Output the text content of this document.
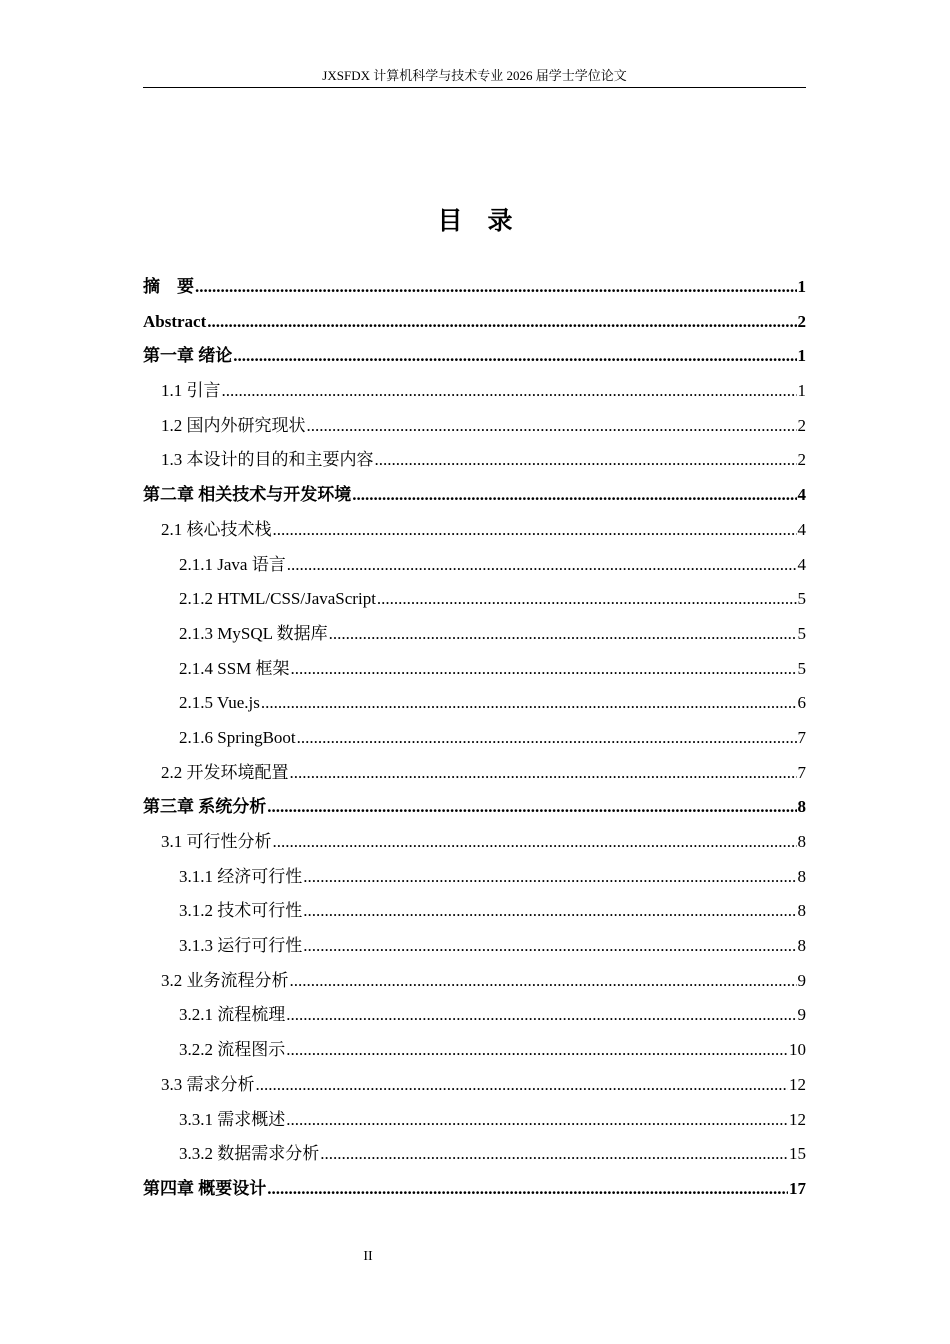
JXSFDX 计算机科学与技术专业 2026 届学士学位论文
目　录
摘　要 .....	1
Abstract .....	2
第一章 绪论 .....	1
1.1 引言 .....	1
1.2 国内外研究现状 .....	2
1.3 本设计的目的和主要内容 .....	2
第二章 相关技术与开发环境 .....	4
2.1 核心技术栈 .....	4
2.1.1 Java 语言 .....	4
2.1.2 HTML/CSS/JavaScript .....	5
2.1.3 MySQL 数据库 .....	5
2.1.4 SSM 框架 .....	5
2.1.5 Vue.js .....	6
2.1.6 SpringBoot .....	7
2.2 开发环境配置 .....	7
第三章 系统分析 .....	8
3.1 可行性分析 .....	8
3.1.1 经济可行性 .....	8
3.1.2 技术可行性 .....	8
3.1.3 运行可行性 .....	8
3.2 业务流程分析 .....	9
3.2.1 流程梳理 .....	9
3.2.2 流程图示 .....	10
3.3 需求分析 .....	12
3.3.1 需求概述 .....	12
3.3.2 数据需求分析 .....	15
第四章 概要设计 .....	17
II
